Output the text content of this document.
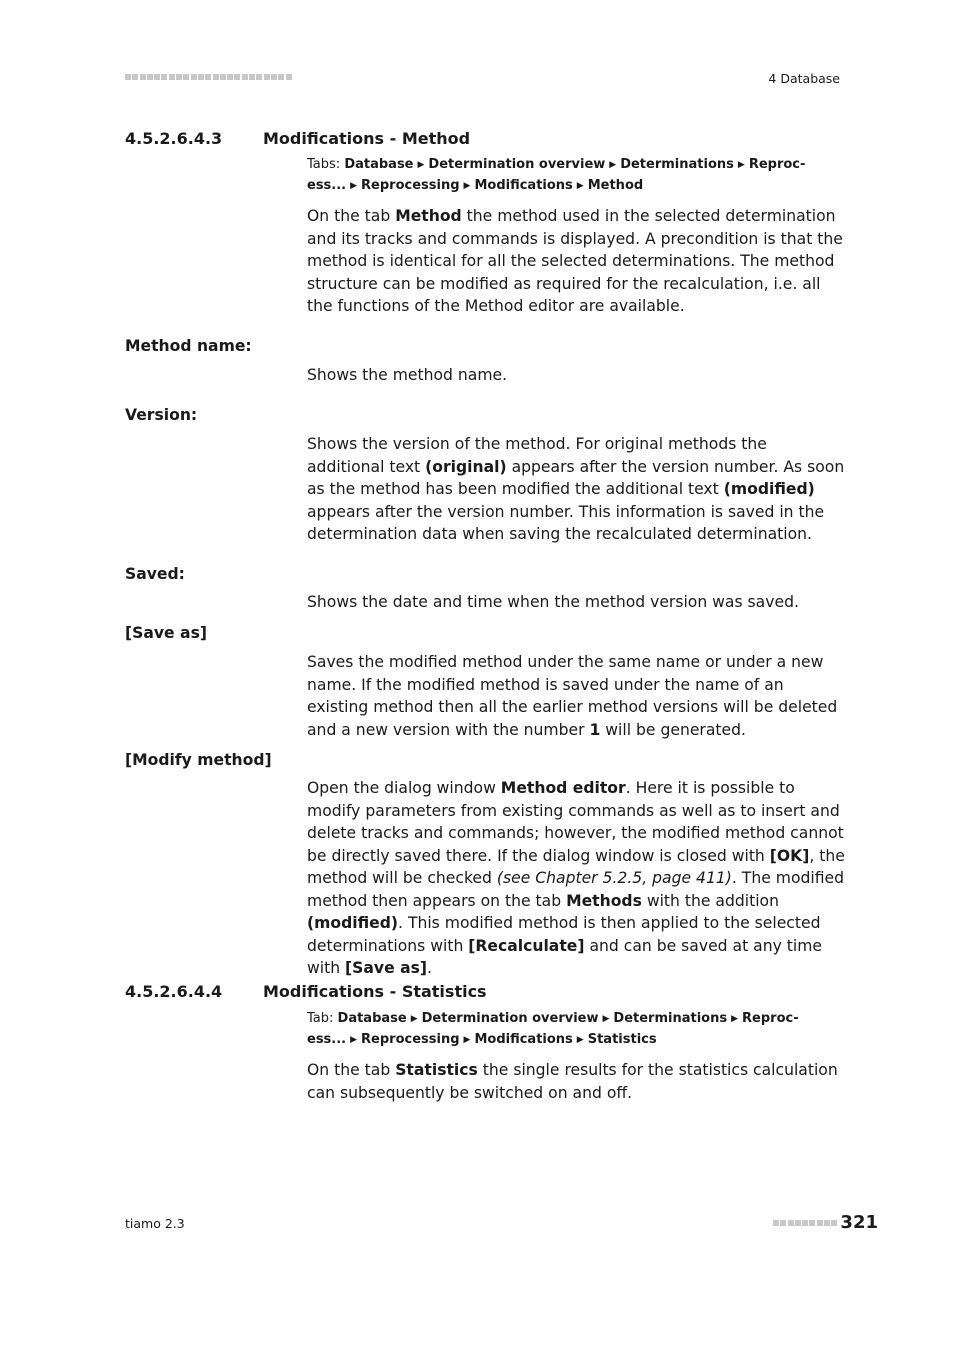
4 Database
4.5.2.6.4.3	Modifications - Method
Tabs: Database ▶ Determination overview ▶ Determinations ▶ Reproc-
ess... ▶ Reprocessing ▶ Modifications ▶ Method
On the tab Method the method used in the selected determination and its tracks and commands is displayed. A precondition is that the method is identical for all the selected determinations. The method structure can be modified as required for the recalculation, i.e. all the functions of the Method editor are available.
Method name:
Shows the method name.
Version:
Shows the version of the method. For original methods the additional text (original) appears after the version number. As soon as the method has been modified the additional text (modified) appears after the version number. This information is saved in the determination data when saving the recalculated determination.
Saved:
Shows the date and time when the method version was saved.
[Save as]
Saves the modified method under the same name or under a new name. If the modified method is saved under the name of an existing method then all the earlier method versions will be deleted and a new version with the number 1 will be generated.
[Modify method]
Open the dialog window Method editor. Here it is possible to modify parameters from existing commands as well as to insert and delete tracks and commands; however, the modified method cannot be directly saved there. If the dialog window is closed with [OK], the method will be checked (see Chapter 5.2.5, page 411). The modified method then appears on the tab Methods with the addition (modified). This modified method is then applied to the selected determinations with [Recalculate] and can be saved at any time with [Save as].
4.5.2.6.4.4	Modifications - Statistics
Tab: Database ▶ Determination overview ▶ Determinations ▶ Reproc-
ess... ▶ Reprocessing ▶ Modifications ▶ Statistics
On the tab Statistics the single results for the statistics calculation can subsequently be switched on and off.
tiamo 2.3	321
